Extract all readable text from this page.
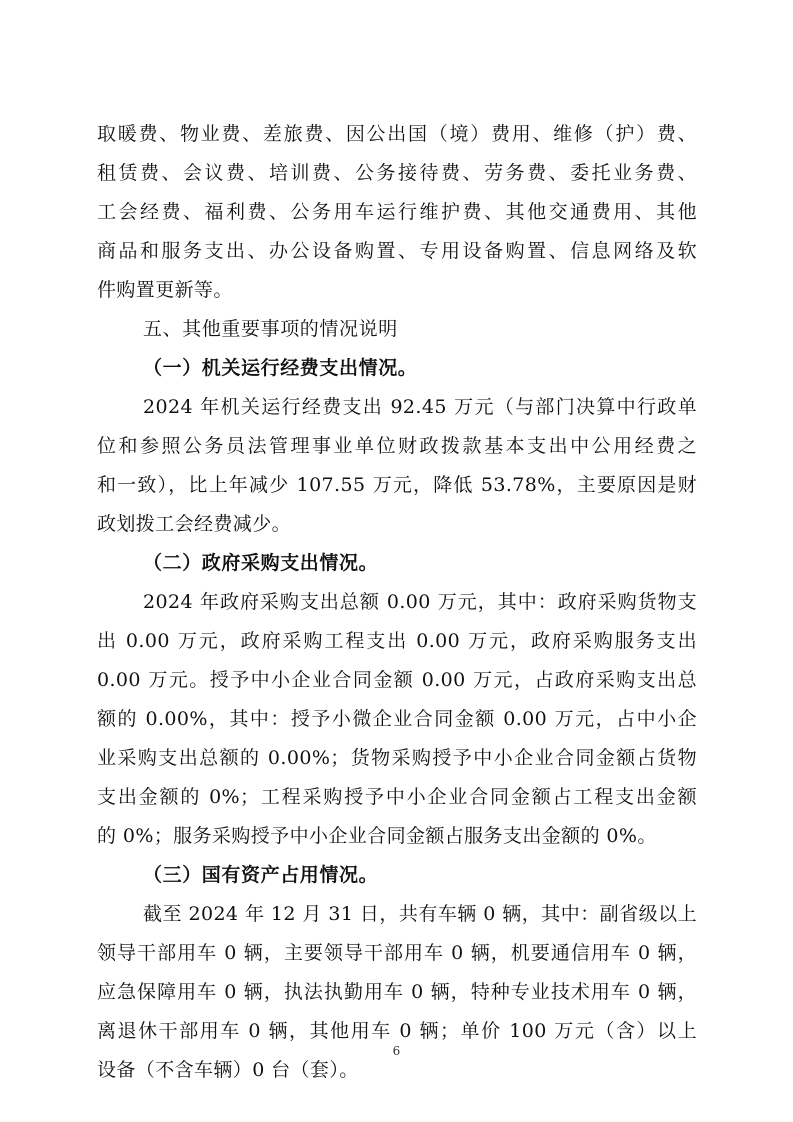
取暖费、物业费、差旅费、因公出国（境）费用、维修（护）费、
租赁费、会议费、培训费、公务接待费、劳务费、委托业务费、
工会经费、福利费、公务用车运行维护费、其他交通费用、其他
商品和服务支出、办公设备购置、专用设备购置、信息网络及软
件购置更新等。
五、其他重要事项的情况说明
（一）机关运行经费支出情况。
2024 年机关运行经费支出 92.45 万元（与部门决算中行政单
位和参照公务员法管理事业单位财政拨款基本支出中公用经费之
和一致），比上年减少 107.55 万元，降低 53.78%，主要原因是财
政划拨工会经费减少。
（二）政府采购支出情况。
2024 年政府采购支出总额 0.00 万元，其中：政府采购货物支
出 0.00 万元，政府采购工程支出 0.00 万元，政府采购服务支出
0.00 万元。授予中小企业合同金额 0.00 万元，占政府采购支出总
额的 0.00%，其中：授予小微企业合同金额 0.00 万元，占中小企
业采购支出总额的 0.00%；货物采购授予中小企业合同金额占货物
支出金额的 0%；工程采购授予中小企业合同金额占工程支出金额
的 0%；服务采购授予中小企业合同金额占服务支出金额的 0%。
（三）国有资产占用情况。
截至 2024 年 12 月 31 日，共有车辆 0 辆，其中：副省级以上
领导干部用车 0 辆，主要领导干部用车 0 辆，机要通信用车 0 辆，
应急保障用车 0 辆，执法执勤用车 0 辆，特种专业技术用车 0 辆，
离退休干部用车 0 辆，其他用车 0 辆；单价 100 万元（含）以上
设备（不含车辆）0 台（套）。
6
